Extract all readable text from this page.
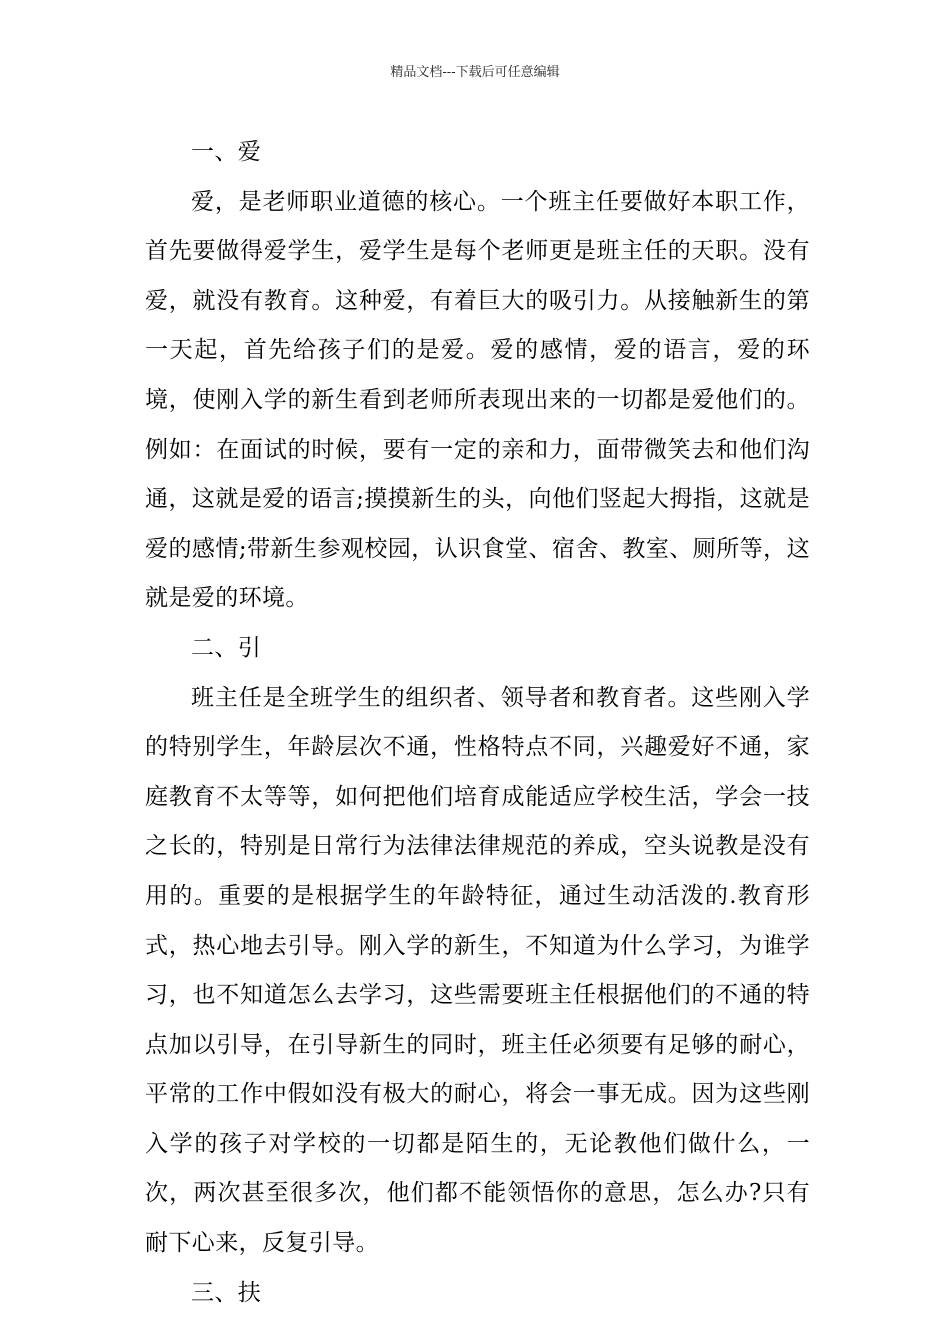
精品文档---下载后可任意编辑

一、爱

爱，是老师职业道德的核心。一个班主任要做好本职工作，首先要做得爱学生，爱学生是每个老师更是班主任的天职。没有爱，就没有教育。这种爱，有着巨大的吸引力。从接触新生的第一天起，首先给孩子们的是爱。爱的感情，爱的语言，爱的环境，使刚入学的新生看到老师所表现出来的一切都是爱他们的。例如：在面试的时候，要有一定的亲和力，面带微笑去和他们沟通，这就是爱的语言;摸摸新生的头，向他们竖起大拇指，这就是爱的感情;带新生参观校园，认识食堂、宿舍、教室、厕所等，这就是爱的环境。

二、引

班主任是全班学生的组织者、领导者和教育者。这些刚入学的特别学生，年龄层次不通，性格特点不同，兴趣爱好不通，家庭教育不太等等，如何把他们培育成能适应学校生活，学会一技之长的，特别是日常行为法律法律规范的养成，空头说教是没有用的。重要的是根据学生的年龄特征，通过生动活泼的.教育形式，热心地去引导。刚入学的新生，不知道为什么学习，为谁学习，也不知道怎么去学习，这些需要班主任根据他们的不通的特点加以引导，在引导新生的同时，班主任必须要有足够的耐心，平常的工作中假如没有极大的耐心，将会一事无成。因为这些刚入学的孩子对学校的一切都是陌生的，无论教他们做什么，一次，两次甚至很多次，他们都不能领悟你的意思，怎么办?只有耐下心来，反复引导。

三、扶
